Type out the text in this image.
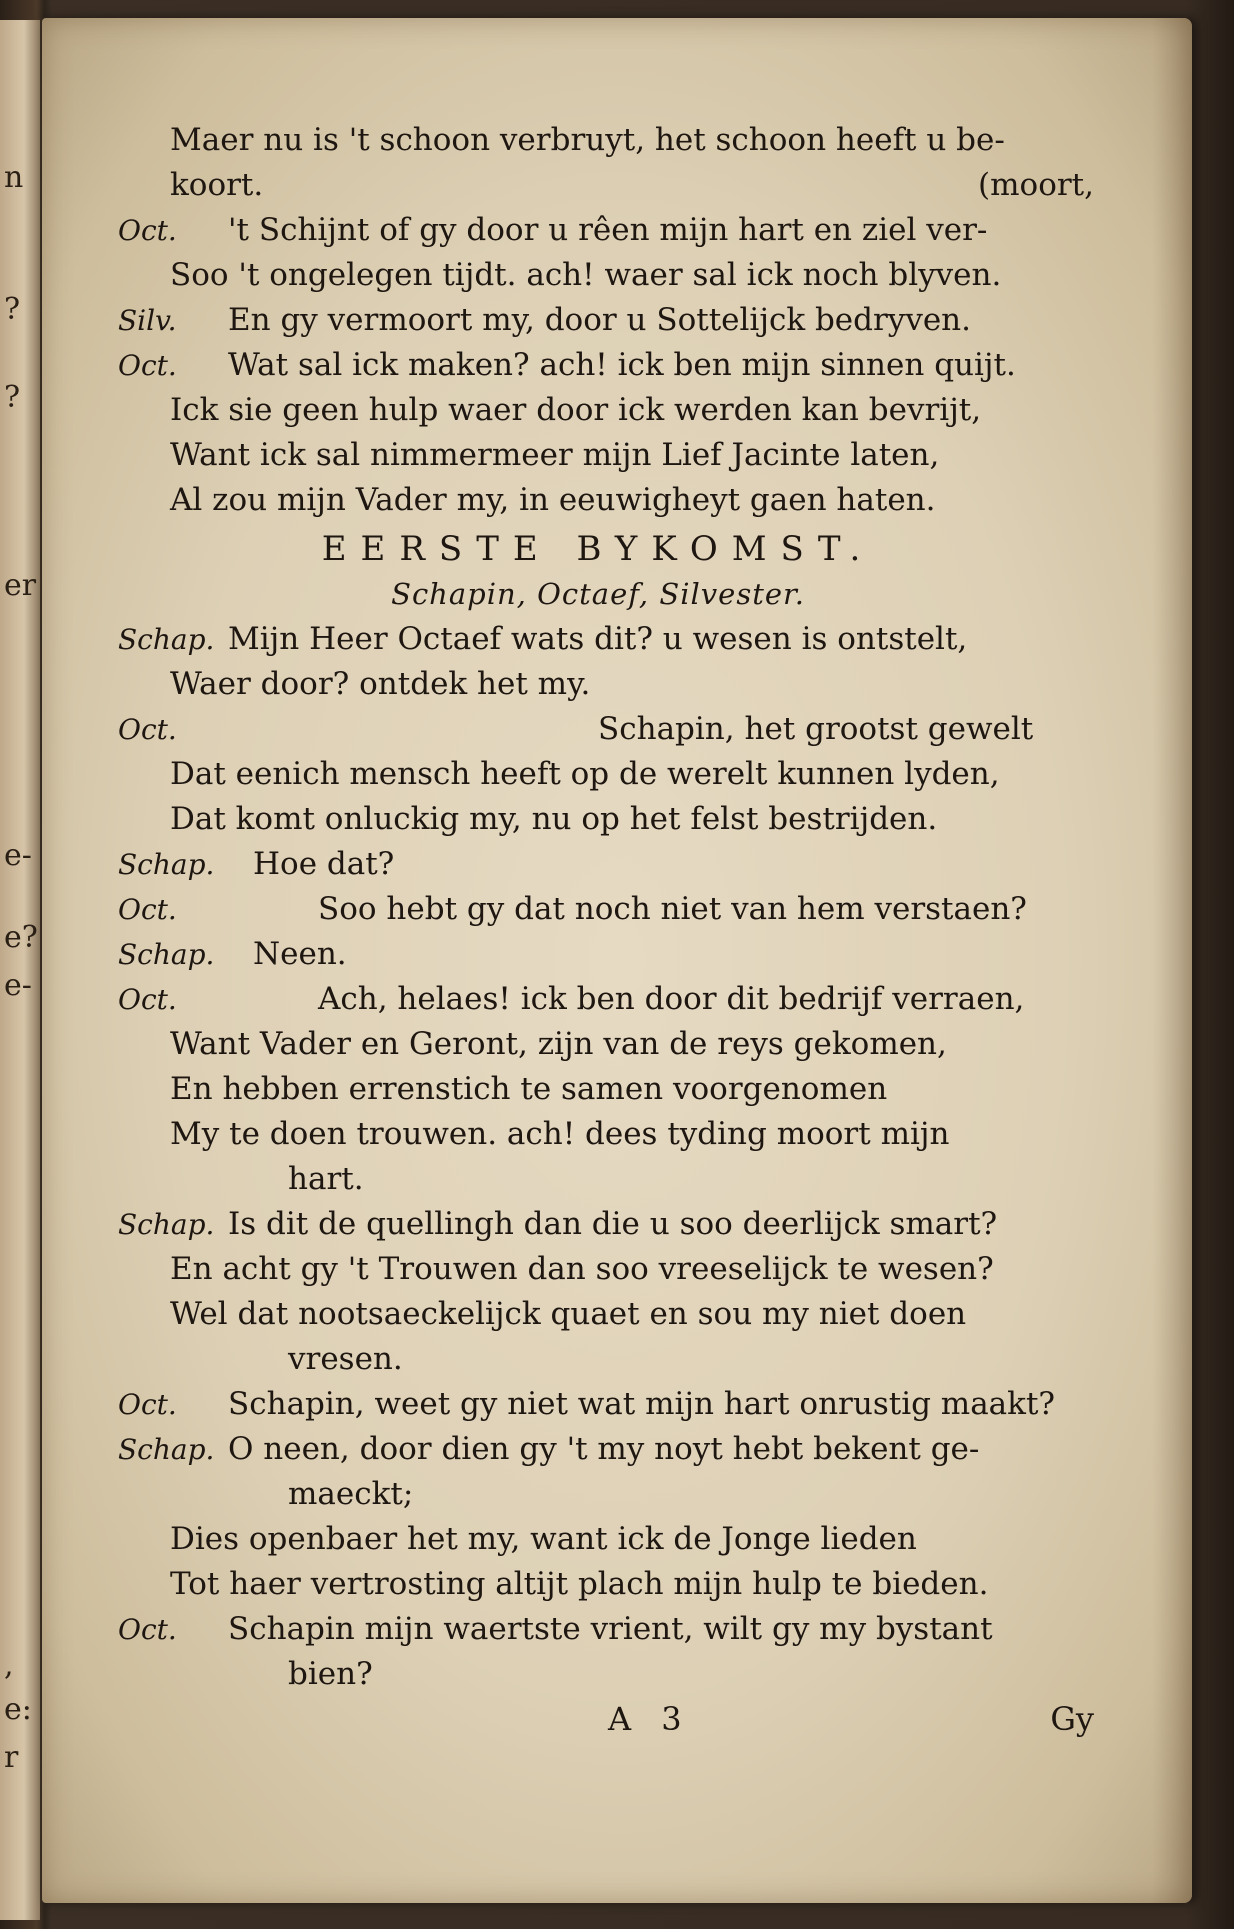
n
?
?
er
e-
e?
e-
,
e:
r
Maer nu is 't schoon verbruyt, het schoon heeft u be-
koort.	(moort,
Oct. 't Schijnt of gy door u rêen mijn hart en ziel ver-
Soo 't ongelegen tijdt. ach! waer sal ick noch blyven.
Silv. En gy vermoort my, door u Sottelijck bedryven.
Oct. Wat sal ick maken? ach! ick ben mijn sinnen quijt.
Ick sie geen hulp waer door ick werden kan bevrijt,
Want ick sal nimmermeer mijn Lief Jacinte laten,
Al zou mijn Vader my, in eeuwigheyt gaen haten.
EERSTE BYKOMST.
Schapin, Octaef, Silvester.
Schap. Mijn Heer Octaef wats dit? u wesen is ontstelt,
Waer door? ontdek het my.
Oct.	Schapin, het grootst gewelt
Dat eenich mensch heeft op de werelt kunnen lyden,
Dat komt onluckig my, nu op het felst bestrijden.
Schap. Hoe dat?
Oct.	Soo hebt gy dat noch niet van hem verstaen?
Schap. Neen.
Oct.	Ach, helaes! ick ben door dit bedrijf verraen,
Want Vader en Geront, zijn van de reys gekomen,
En hebben errenstich te samen voorgenomen
My te doen trouwen. ach! dees tyding moort mijn
hart.
Schap. Is dit de quellingh dan die u soo deerlijck smart?
En acht gy 't Trouwen dan soo vreeselijck te wesen?
Wel dat nootsaeckelijck quaet en sou my niet doen
vresen.
Oct. Schapin, weet gy niet wat mijn hart onrustig maakt?
Schap. O neen, door dien gy 't my noyt hebt bekent ge-
maeckt;
Dies openbaer het my, want ick de Jonge lieden
Tot haer vertrosting altijt plach mijn hulp te bieden.
Oct. Schapin mijn waertste vrient, wilt gy my bystant
bien?
A 3	Gy
